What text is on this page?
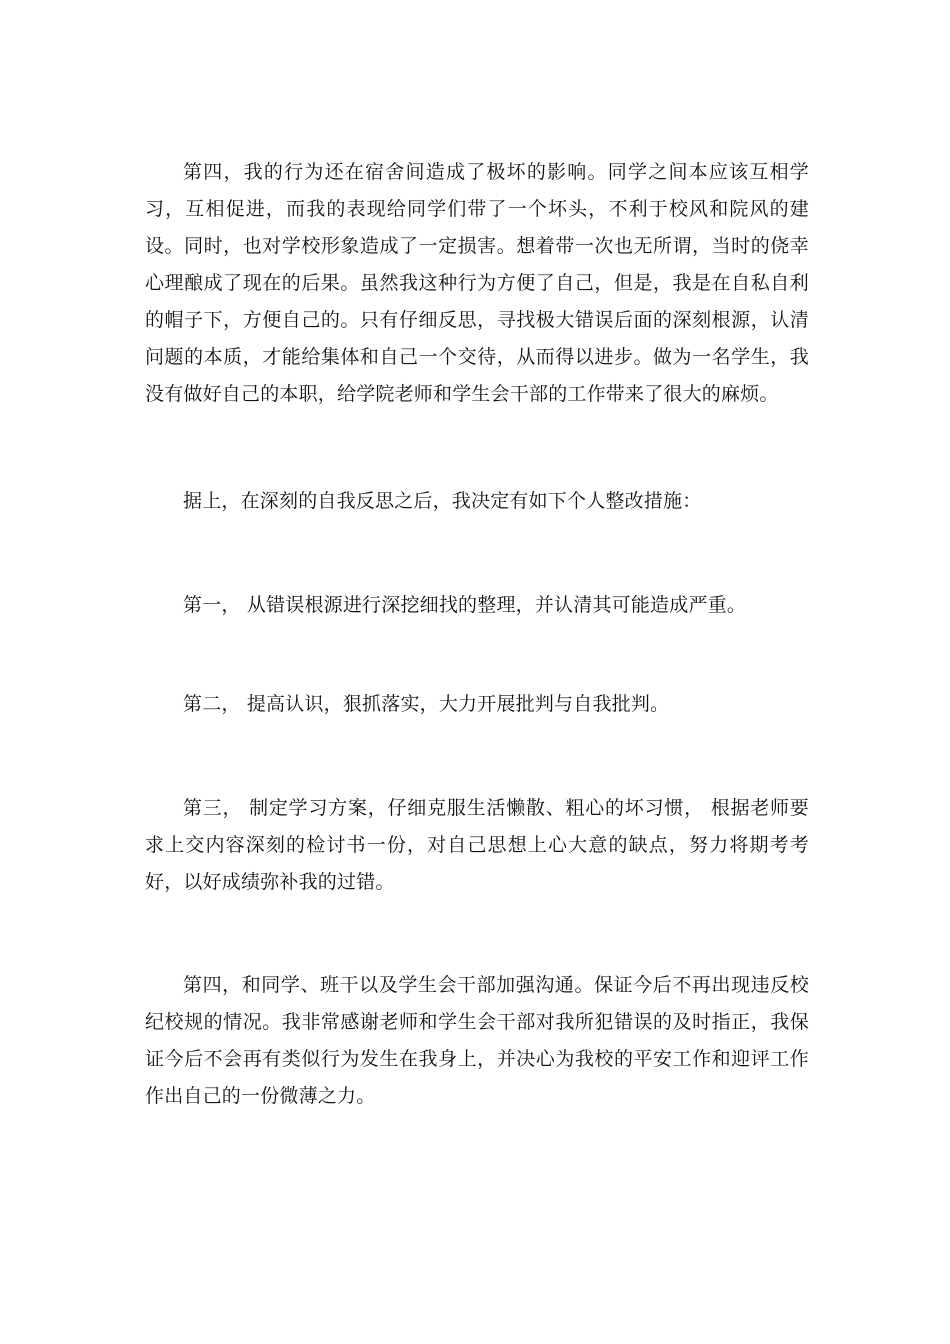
第四，我的行为还在宿舍间造成了极坏的影响。同学之间本应该互相学习，互相促进，而我的表现给同学们带了一个坏头，不利于校风和院风的建设。同时，也对学校形象造成了一定损害。想着带一次也无所谓，当时的侥幸心理酿成了现在的后果。虽然我这种行为方便了自己，但是，我是在自私自利的帽子下，方便自己的。只有仔细反思，寻找极大错误后面的深刻根源，认清问题的本质，才能给集体和自己一个交待，从而得以进步。做为一名学生，我没有做好自己的本职，给学院老师和学生会干部的工作带来了很大的麻烦。

据上，在深刻的自我反思之后，我决定有如下个人整改措施：

第一， 从错误根源进行深挖细找的整理，并认清其可能造成严重。

第二， 提高认识，狠抓落实，大力开展批判与自我批判。

第三， 制定学习方案，仔细克服生活懒散、粗心的坏习惯， 根据老师要求上交内容深刻的检讨书一份，对自己思想上心大意的缺点，努力将期考考好，以好成绩弥补我的过错。

第四，和同学、班干以及学生会干部加强沟通。保证今后不再出现违反校纪校规的情况。我非常感谢老师和学生会干部对我所犯错误的及时指正，我保证今后不会再有类似行为发生在我身上，并决心为我校的平安工作和迎评工作作出自己的一份微薄之力。
